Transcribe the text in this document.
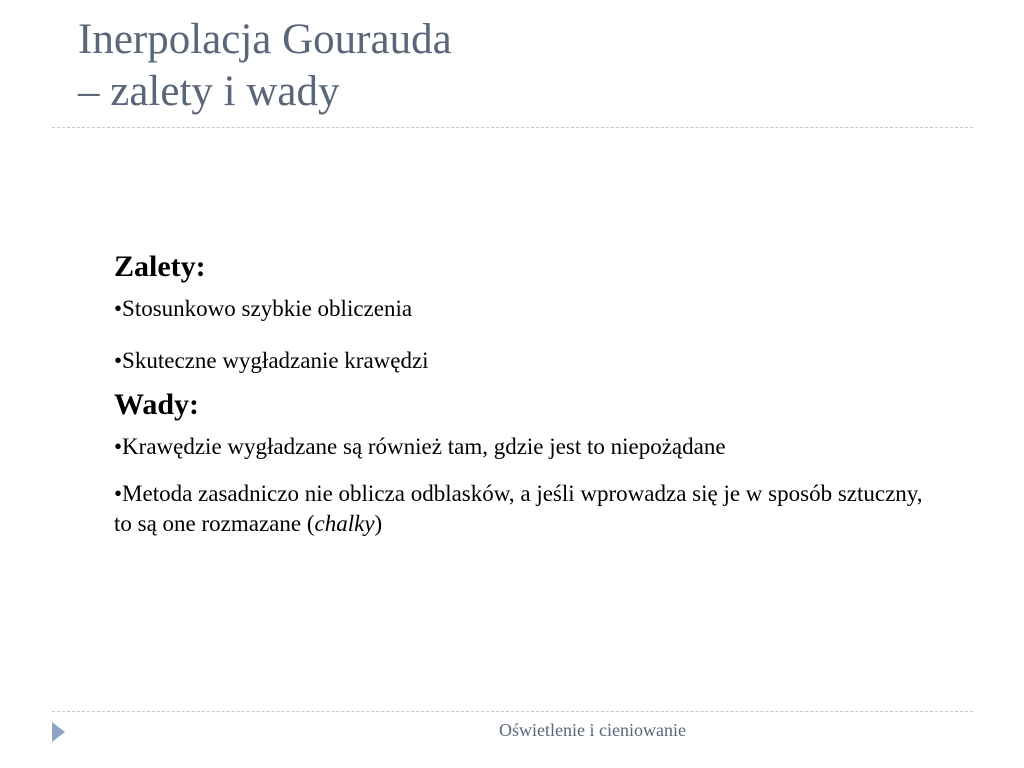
Inerpolacja Gourauda
– zalety i wady
Zalety:
•Stosunkowo szybkie obliczenia
•Skuteczne wygładzanie krawędzi
Wady:
•Krawędzie wygładzane są również tam, gdzie jest to niepożądane
•Metoda zasadniczo nie oblicza odblasków, a jeśli wprowadza się je w sposób sztuczny, to są one rozmazane (chalky)
Oświetlenie i cieniowanie
